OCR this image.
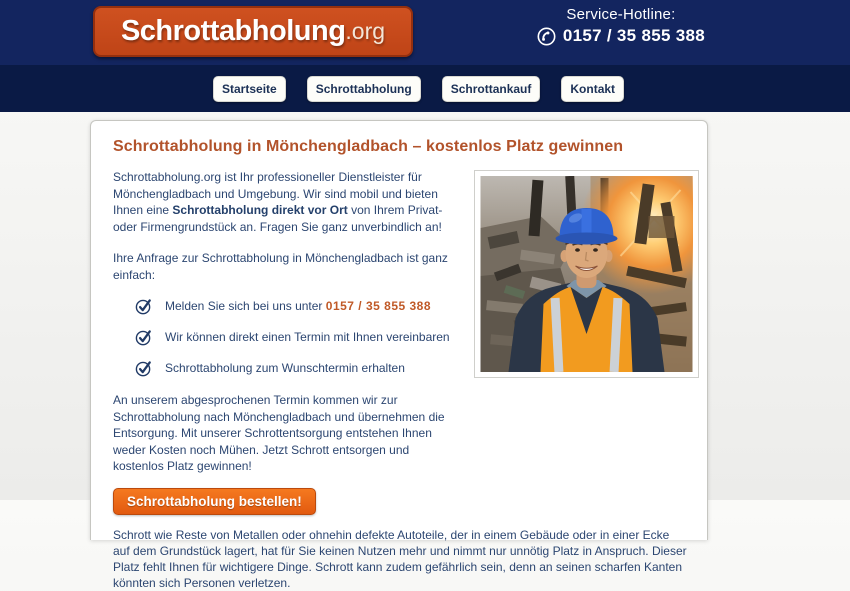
Schrottabholung .org
Service-Hotline:
0157 / 35 855 388
Startseite	Schrottabholung	Schrottankauf	Kontakt
Schrottabholung in Mönchengladbach – kostenlos Platz gewinnen

Schrottabholung.org ist Ihr professioneller Dienstleister für Mönchengladbach und Umgebung. Wir sind mobil und bieten Ihnen eine Schrottabholung direkt vor Ort von Ihrem Privat- oder Firmengrundstück an. Fragen Sie ganz unverbindlich an!

Ihre Anfrage zur Schrottabholung in Mönchengladbach ist ganz einfach:

Melden Sie sich bei uns unter 0157 / 35 855 388
Wir können direkt einen Termin mit Ihnen vereinbaren
Schrottabholung zum Wunschtermin erhalten

An unserem abgesprochenen Termin kommen wir zur Schrottabholung nach Mönchengladbach und übernehmen die Entsorgung. Mit unserer Schrottentsorgung entstehen Ihnen weder Kosten noch Mühen. Jetzt Schrott entsorgen und kostenlos Platz gewinnen!

Schrottabholung bestellen!

Schrott wie Reste von Metallen oder ohnehin defekte Autoteile, der in einem Gebäude oder in einer Ecke auf dem Grundstück lagert, hat für Sie keinen Nutzen mehr und nimmt nur unnötig Platz in Anspruch. Dieser Platz fehlt Ihnen für wichtigere Dinge. Schrott kann zudem gefährlich sein, denn an seinen scharfen Kanten könnten sich Personen verletzen.
